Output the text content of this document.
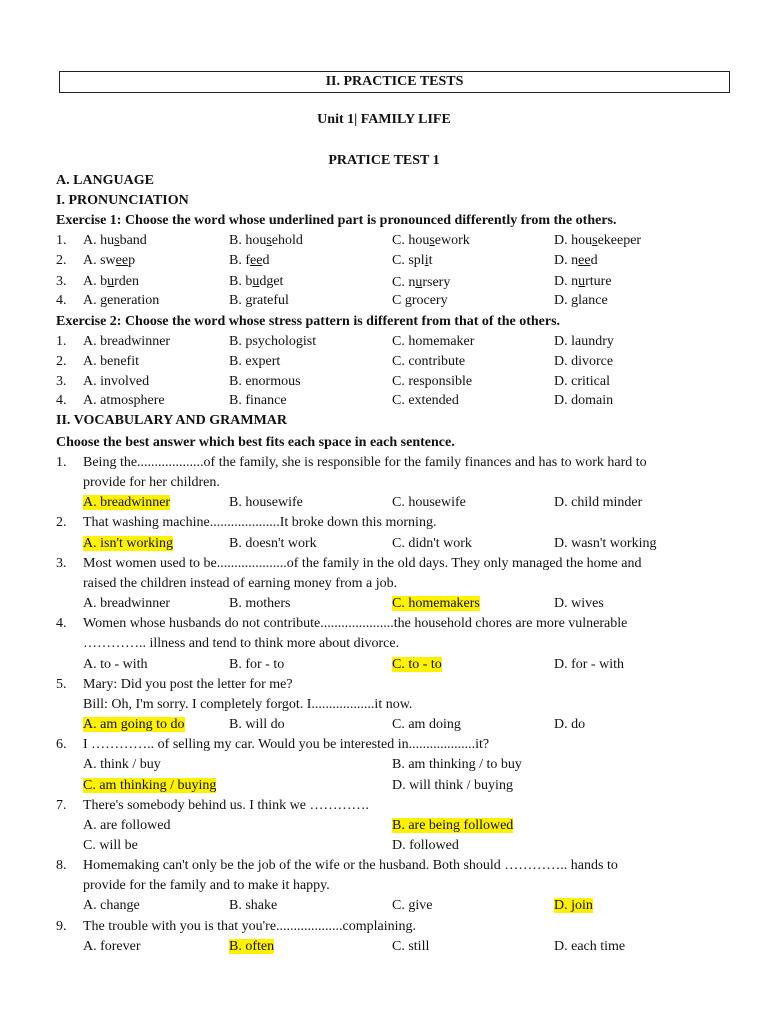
II. PRACTICE TESTS
Unit 1| FAMILY LIFE
PRATICE TEST 1
A. LANGUAGE
I. PRONUNCIATION
Exercise 1: Choose the word whose underlined part is pronounced differently from the others.
1. A. husband	B. household	C. housework	D. housekeeper
2. A. sweep	B. feed	C. split	D. need
3. A. burden	B. budget	C. nursery	D. nurture
4. A. generation	B. grateful	C grocery	D. glance
Exercise 2: Choose the word whose stress pattern is different from that of the others.
1. A. breadwinner	B. psychologist	C. homemaker	D. laundry
2. A. benefit	B. expert	C. contribute	D. divorce
3. A. involved	B. enormous	C. responsible	D. critical
4. A. atmosphere	B. finance	C. extended	D. domain
II. VOCABULARY AND GRAMMAR
Choose the best answer which best fits each space in each sentence.
1. Being the...................of the family, she is responsible for the family finances and has to work hard to
provide for her children.
A. breadwinner	B. housewife	C. housewife	D. child minder
2. That washing machine....................It broke down this morning.
A. isn't working	B. doesn't work	C. didn't work	D. wasn't working
3. Most women used to be....................of the family in the old days. They only managed the home and
raised the children instead of earning money from a job.
A. breadwinner	B. mothers	C. homemakers	D. wives
4. Women whose husbands do not contribute.....................the household chores are more vulnerable
………….. illness and tend to think more about divorce.
A. to - with	B. for - to	C. to - to	D. for - with
5. Mary: Did you post the letter for me?
Bill: Oh, I'm sorry. I completely forgot. I..................it now.
A. am going to do	B. will do	C. am doing	D. do
6. I ………….. of selling my car. Would you be interested in...................it?
A. think / buy	B. am thinking / to buy
C. am thinking / buying	D. will think / buying
7. There's somebody behind us. I think we ………….
A. are followed	B. are being followed
C. will be	D. followed
8. Homemaking can't only be the job of the wife or the husband. Both should ………….. hands to
provide for the family and to make it happy.
A. change	B. shake	C. give	D. join
9. The trouble with you is that you're...................complaining.
A. forever	B. often	C. still	D. each time
